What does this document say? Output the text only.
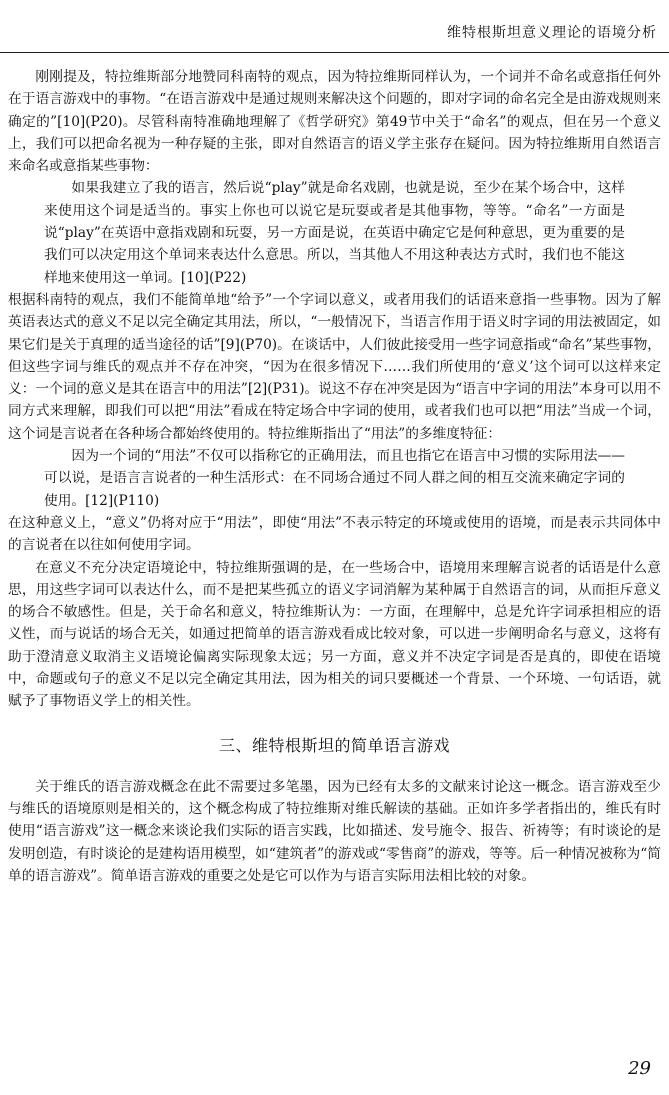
维特根斯坦意义理论的语境分析

刚刚提及，特拉维斯部分地赞同科南特的观点，因为特拉维斯同样认为，一个词并不命名或意指任何外在于语言游戏中的事物。“在语言游戏中是通过规则来解决这个问题的，即对字词的命名完全是由游戏规则来确定的”[10](P20)。尽管科南特准确地理解了《哲学研究》第49节中关于“命名”的观点，但在另一个意义上，我们可以把命名视为一种存疑的主张，即对自然语言的语义学主张存在疑问。因为特拉维斯用自然语言来命名或意指某些事物：

如果我建立了我的语言，然后说“play”就是命名戏剧，也就是说，至少在某个场合中，这样来使用这个词是适当的。事实上你也可以说它是玩耍或者是其他事物，等等。“命名”一方面是说“play”在英语中意指戏剧和玩耍，另一方面是说，在英语中确定它是何种意思，更为重要的是我们可以决定用这个单词来表达什么意思。所以，当其他人不用这种表达方式时，我们也不能这样地来使用这一单词。[10](P22)

根据科南特的观点，我们不能简单地“给予”一个字词以意义，或者用我们的话语来意指一些事物。因为了解英语表达式的意义不足以完全确定其用法，所以，“一般情况下，当语言作用于语义时字词的用法被固定，如果它们是关于真理的适当途径的话”[9](P70)。在谈话中，人们彼此接受用一些字词意指或“命名”某些事物，但这些字词与维氏的观点并不存在冲突，“因为在很多情况下……我们所使用的‘意义’这个词可以这样来定义：一个词的意义是其在语言中的用法”[2](P31)。说这不存在冲突是因为“语言中字词的用法”本身可以用不同方式来理解，即我们可以把“用法”看成在特定场合中字词的使用，或者我们也可以把“用法”当成一个词，这个词是言说者在各种场合都始终使用的。特拉维斯指出了“用法”的多维度特征：

因为一个词的“用法”不仅可以指称它的正确用法，而且也指它在语言中习惯的实际用法——可以说，是语言言说者的一种生活形式：在不同场合通过不同人群之间的相互交流来确定字词的使用。[12](P110)

在这种意义上，“意义”仍将对应于“用法”，即使“用法”不表示特定的环境或使用的语境，而是表示共同体中的言说者在以往如何使用字词。

在意义不充分决定语境论中，特拉维斯强调的是，在一些场合中，语境用来理解言说者的话语是什么意思，用这些字词可以表达什么，而不是把某些孤立的语义字词消解为某种属于自然语言的词，从而拒斥意义的场合不敏感性。但是，关于命名和意义，特拉维斯认为：一方面，在理解中，总是允许字词承担相应的语义性，而与说话的场合无关，如通过把简单的语言游戏看成比较对象，可以进一步阐明命名与意义，这将有助于澄清意义取消主义语境论偏离实际现象太远；另一方面，意义并不决定字词是否是真的，即使在语境中，命题或句子的意义不足以完全确定其用法，因为相关的词只要概述一个背景、一个环境、一句话语，就赋予了事物语义学上的相关性。

三、维特根斯坦的简单语言游戏

关于维氏的语言游戏概念在此不需要过多笔墨，因为已经有太多的文献来讨论这一概念。语言游戏至少与维氏的语境原则是相关的，这个概念构成了特拉维斯对维氏解读的基础。正如许多学者指出的，维氏有时使用“语言游戏”这一概念来谈论我们实际的语言实践，比如描述、发号施令、报告、祈祷等；有时谈论的是发明创造，有时谈论的是建构语用模型，如“建筑者”的游戏或“零售商”的游戏，等等。后一种情况被称为“简单的语言游戏”。简单语言游戏的重要之处是它可以作为与语言实际用法相比较的对象。

29
